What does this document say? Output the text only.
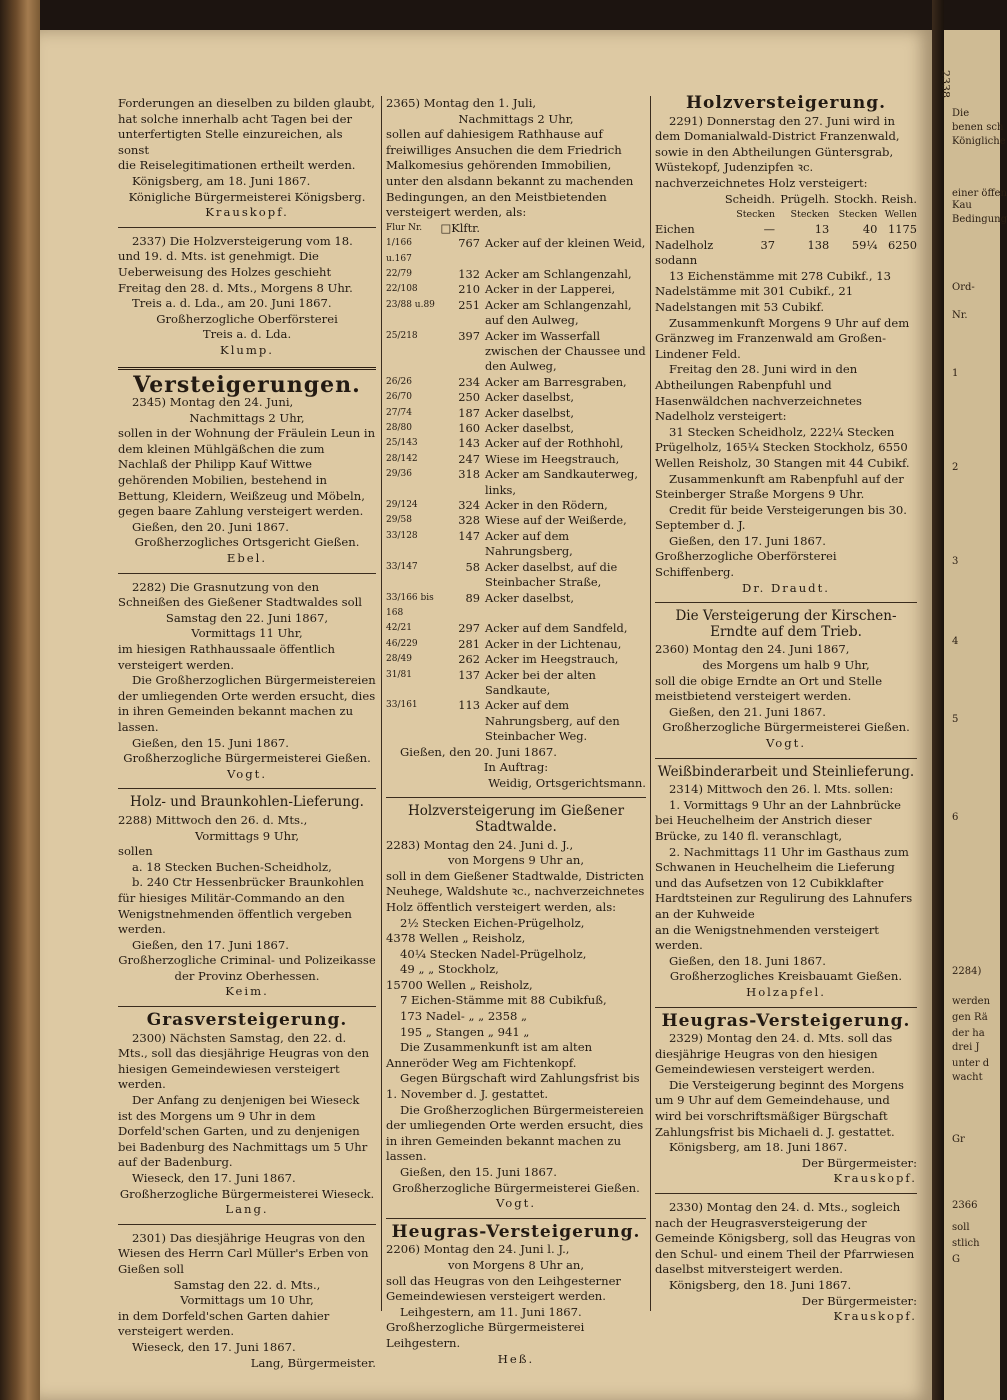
2338
Die
benen sch
Königliche
einer öffen
Kau
Bedingung
Ord-
Nr.
1
2
3
4
5
6
2284)
werden
gen Rä
der ha
drei J
unter d
wacht
Gr
2366
soll
stlich
G

Forderungen an dieselben zu bilden glaubt,

hat solche innerhalb acht Tagen bei der

unterfertigten Stelle einzureichen, als sonst

die Reiselegitimationen ertheilt werden.

Königsberg, am 18. Juni 1867.

Königliche Bürgermeisterei Königsberg.

Krauskopf.

2337) Die Holzversteigerung vom 18. und 19. d. Mts. ist genehmigt. Die Ueberweisung des Holzes geschieht Freitag den 28. d. Mts., Morgens 8 Uhr.

Treis a. d. Lda., am 20. Juni 1867.

Großherzogliche Oberförsterei

Treis a. d. Lda.

Klump.

Versteigerungen.

2345) Montag den 24. Juni,

Nachmittags 2 Uhr,

sollen in der Wohnung der Fräulein Leun in dem kleinen Mühlgäßchen die zum Nachlaß der Philipp Kauf Wittwe gehörenden Mobilien, bestehend in Bettung, Kleidern, Weißzeug und Möbeln, gegen baare Zahlung versteigert werden.

Gießen, den 20. Juni 1867.

Großherzogliches Ortsgericht Gießen.

Ebel.

2282) Die Grasnutzung von den Schneißen des Gießener Stadtwaldes soll

Samstag den 22. Juni 1867,

Vormittags 11 Uhr,

im hiesigen Rathhaussaale öffentlich versteigert werden.

Die Großherzoglichen Bürgermeistereien der umliegenden Orte werden ersucht, dies in ihren Gemeinden bekannt machen zu lassen.

Gießen, den 15. Juni 1867.

Großherzogliche Bürgermeisterei Gießen.

Vogt.

Holz- und Braunkohlen-Lieferung.

2288) Mittwoch den 26. d. Mts.,

Vormittags 9 Uhr,

sollen

a. 18 Stecken Buchen-Scheidholz,

b. 240 Ctr Hessenbrücker Braunkohlen für hiesiges Militär-Commando an den Wenigstnehmenden öffentlich vergeben werden.

Gießen, den 17. Juni 1867.

Großherzogliche Criminal- und Polizeikasse

der Provinz Oberhessen.

Keim.

Grasversteigerung.

2300) Nächsten Samstag, den 22. d. Mts., soll das diesjährige Heugras von den hiesigen Gemeindewiesen versteigert werden.

Der Anfang zu denjenigen bei Wieseck ist des Morgens um 9 Uhr in dem Dorfeld'schen Garten, und zu denjenigen bei Badenburg des Nachmittags um 5 Uhr auf der Badenburg.

Wieseck, den 17. Juni 1867.

Großherzogliche Bürgermeisterei Wieseck.

Lang.

2301) Das diesjährige Heugras von den Wiesen des Herrn Carl Müller's Erben von Gießen soll

Samstag den 22. d. Mts.,

Vormittags um 10 Uhr,

in dem Dorfeld'schen Garten dahier versteigert werden.

Wieseck, den 17. Juni 1867.

Lang, Bürgermeister.

2365) Montag den 1. Juli,

Nachmittags 2 Uhr,

sollen auf dahiesigem Rathhause auf freiwilliges Ansuchen die dem Friedrich Malkomesius gehörenden Immobilien, unter den alsdann bekannt zu machenden Bedingungen, an den Meistbietenden versteigert werden, als:

Flur Nr.	□Klftr.	
1/166 u.167	767	Acker auf der kleinen Weid,
22/79	132	Acker am Schlangenzahl,
22/108	210	Acker in der Lapperei,
23/88 u.89	251	Acker am Schlangenzahl, auf den Aulweg,
25/218	397	Acker im Wasserfall zwischen der Chaussee und den Aulweg,
26/26	234	Acker am Barresgraben,
26/70	250	Acker daselbst,
27/74	187	Acker daselbst,
28/80	160	Acker daselbst,
25/143	143	Acker auf der Rothhohl,
28/142	247	Wiese im Heegstrauch,
29/36	318	Acker am Sandkauterweg, links,
29/124	324	Acker in den Rödern,
29/58	328	Wiese auf der Weißerde,
33/128	147	Acker auf dem Nahrungsberg,
33/147	58	Acker daselbst, auf die Steinbacher Straße,
33/166 bis 168	89	Acker daselbst,
42/21	297	Acker auf dem Sandfeld,
46/229	281	Acker in der Lichtenau,
28/49	262	Acker im Heegstrauch,
31/81	137	Acker bei der alten Sandkaute,
33/161	113	Acker auf dem Nahrungsberg, auf den Steinbacher Weg.

Gießen, den 20. Juni 1867.

In Auftrag:

Weidig, Ortsgerichtsmann.

Holzversteigerung im Gießener Stadtwalde.

2283) Montag den 24. Juni d. J.,

von Morgens 9 Uhr an,

soll in dem Gießener Stadtwalde, Districten Neuhege, Waldshute ꝛc., nachverzeichnetes Holz öffentlich versteigert werden, als:

2½ Stecken Eichen-Prügelholz,

4378 Wellen „ Reisholz,

40¼ Stecken Nadel-Prügelholz,

49 „ „ Stockholz,

15700 Wellen „ Reisholz,

7 Eichen-Stämme mit 88 Cubikfuß,

173 Nadel- „ „ 2358 „

195 „ Stangen „ 941 „

Die Zusammenkunft ist am alten Anneröder Weg am Fichtenkopf.

Gegen Bürgschaft wird Zahlungsfrist bis 1. November d. J. gestattet.

Die Großherzoglichen Bürgermeistereien der umliegenden Orte werden ersucht, dies in ihren Gemeinden bekannt machen zu lassen.

Gießen, den 15. Juni 1867.

Großherzogliche Bürgermeisterei Gießen.

Vogt.

Heugras-Versteigerung.

2206) Montag den 24. Juni l. J.,

von Morgens 8 Uhr an,

soll das Heugras von den Leihgesterner Gemeindewiesen versteigert werden.

Leihgestern, am 11. Juni 1867.

Großherzogliche Bürgermeisterei Leihgestern.

Heß.

Holzversteigerung.

2291) Donnerstag den 27. Juni wird in dem Domanialwald-District Franzenwald, sowie in den Abtheilungen Güntersgrab, Wüstekopf, Judenzipfen ꝛc. nachverzeichnetes Holz versteigert:

	Scheidh.	Prügelh.	Stockh.	Reish.
	Stecken	Stecken	Stecken	Wellen
Eichen	—	13	40	1175
Nadelholz	37	138	59¼	6250

sodann

13 Eichenstämme mit 278 Cubikf., 13 Nadelstämme mit 301 Cubikf., 21 Nadelstangen mit 53 Cubikf.

Zusammenkunft Morgens 9 Uhr auf dem Gränzweg im Franzenwald am Großen-Lindener Feld.

Freitag den 28. Juni wird in den Abtheilungen Rabenpfuhl und Hasenwäldchen nachverzeichnetes Nadelholz versteigert:

31 Stecken Scheidholz, 222¼ Stecken Prügelholz, 165¼ Stecken Stockholz, 6550 Wellen Reisholz, 30 Stangen mit 44 Cubikf.

Zusammenkunft am Rabenpfuhl auf der Steinberger Straße Morgens 9 Uhr.

Credit für beide Versteigerungen bis 30. September d. J.

Gießen, den 17. Juni 1867.

Großherzogliche Oberförsterei Schiffenberg.

Dr. Draudt.

Die Versteigerung der Kirschen-Erndte auf dem Trieb.

2360) Montag den 24. Juni 1867,

des Morgens um halb 9 Uhr,

soll die obige Erndte an Ort und Stelle meistbietend versteigert werden.

Gießen, den 21. Juni 1867.

Großherzogliche Bürgermeisterei Gießen.

Vogt.

Weißbinderarbeit und Steinlieferung.

2314) Mittwoch den 26. l. Mts. sollen:

1. Vormittags 9 Uhr an der Lahnbrücke bei Heuchelheim der Anstrich dieser Brücke, zu 140 fl. veranschlagt,

2. Nachmittags 11 Uhr im Gasthaus zum Schwanen in Heuchelheim die Lieferung und das Aufsetzen von 12 Cubikklafter Hardtsteinen zur Regulirung des Lahnufers an der Kuhweide

an die Wenigstnehmenden versteigert werden.

Gießen, den 18. Juni 1867.

Großherzogliches Kreisbauamt Gießen.

Holzapfel.

Heugras-Versteigerung.

2329) Montag den 24. d. Mts. soll das diesjährige Heugras von den hiesigen Gemeindewiesen versteigert werden.

Die Versteigerung beginnt des Morgens um 9 Uhr auf dem Gemeindehause, und wird bei vorschriftsmäßiger Bürgschaft Zahlungsfrist bis Michaeli d. J. gestattet.

Königsberg, am 18. Juni 1867.

Der Bürgermeister:

Krauskopf.

2330) Montag den 24. d. Mts., sogleich nach der Heugrasversteigerung der Gemeinde Königsberg, soll das Heugras von den Schul- und einem Theil der Pfarrwiesen daselbst mitversteigert werden.

Königsberg, den 18. Juni 1867.

Der Bürgermeister:

Krauskopf.
